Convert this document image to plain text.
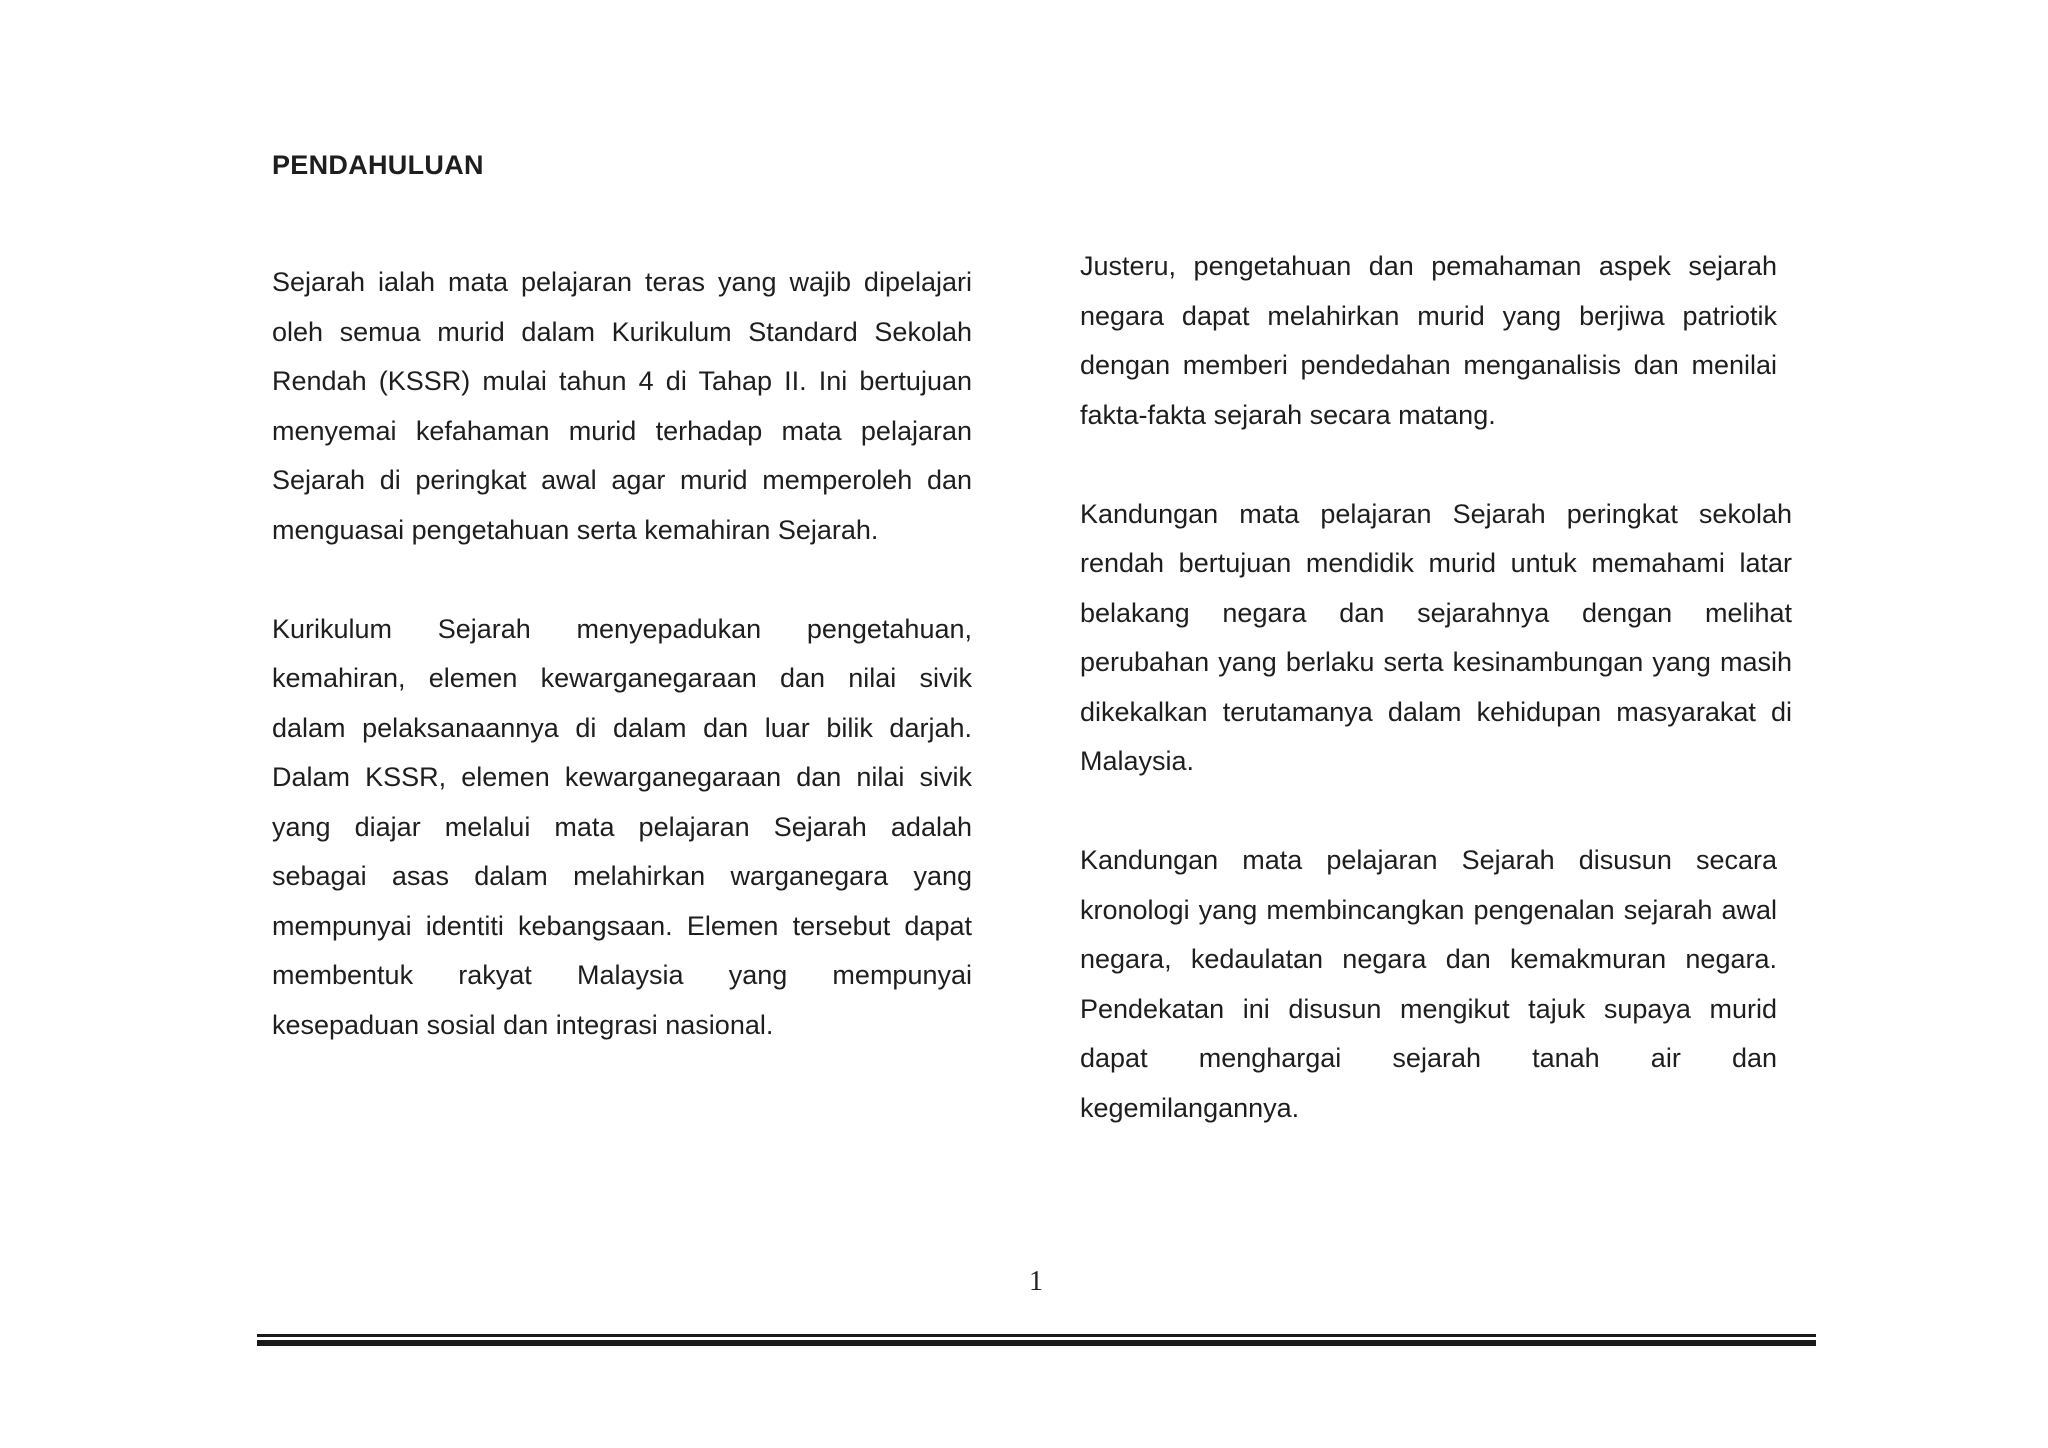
PENDAHULUAN

Sejarah ialah mata pelajaran teras yang wajib dipelajari oleh semua murid dalam Kurikulum Standard Sekolah Rendah (KSSR) mulai tahun 4 di Tahap II. Ini bertujuan menyemai kefahaman murid terhadap mata pelajaran Sejarah di peringkat awal agar murid memperoleh dan menguasai pengetahuan serta kemahiran Sejarah.

Kurikulum Sejarah menyepadukan pengetahuan, kemahiran, elemen kewarganegaraan dan nilai sivik dalam pelaksanaannya di dalam dan luar bilik darjah. Dalam KSSR, elemen kewarganegaraan dan nilai sivik yang diajar melalui mata pelajaran Sejarah adalah sebagai asas dalam melahirkan warganegara yang mempunyai identiti kebangsaan. Elemen tersebut dapat membentuk rakyat Malaysia yang mempunyai kesepaduan sosial dan integrasi nasional.

Justeru, pengetahuan dan pemahaman aspek sejarah negara dapat melahirkan murid yang berjiwa patriotik dengan memberi pendedahan menganalisis dan menilai fakta-fakta sejarah secara matang.

Kandungan mata pelajaran Sejarah peringkat sekolah rendah bertujuan mendidik murid untuk memahami latar belakang negara dan sejarahnya dengan melihat perubahan yang berlaku serta kesinambungan yang masih dikekalkan terutamanya dalam kehidupan masyarakat di Malaysia.

Kandungan mata pelajaran Sejarah disusun secara kronologi yang membincangkan pengenalan sejarah awal negara, kedaulatan negara dan kemakmuran negara. Pendekatan ini disusun mengikut tajuk supaya murid dapat menghargai sejarah tanah air dan kegemilangannya.

1
